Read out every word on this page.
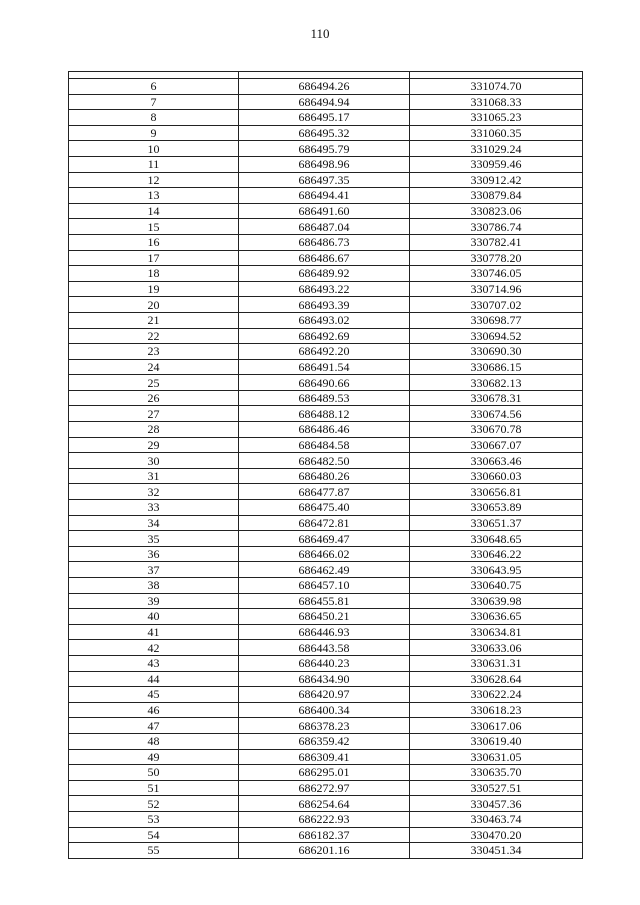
110

6	686494.26	331074.70
7	686494.94	331068.33
8	686495.17	331065.23
9	686495.32	331060.35
10	686495.79	331029.24
11	686498.96	330959.46
12	686497.35	330912.42
13	686494.41	330879.84
14	686491.60	330823.06
15	686487.04	330786.74
16	686486.73	330782.41
17	686486.67	330778.20
18	686489.92	330746.05
19	686493.22	330714.96
20	686493.39	330707.02
21	686493.02	330698.77
22	686492.69	330694.52
23	686492.20	330690.30
24	686491.54	330686.15
25	686490.66	330682.13
26	686489.53	330678.31
27	686488.12	330674.56
28	686486.46	330670.78
29	686484.58	330667.07
30	686482.50	330663.46
31	686480.26	330660.03
32	686477.87	330656.81
33	686475.40	330653.89
34	686472.81	330651.37
35	686469.47	330648.65
36	686466.02	330646.22
37	686462.49	330643.95
38	686457.10	330640.75
39	686455.81	330639.98
40	686450.21	330636.65
41	686446.93	330634.81
42	686443.58	330633.06
43	686440.23	330631.31
44	686434.90	330628.64
45	686420.97	330622.24
46	686400.34	330618.23
47	686378.23	330617.06
48	686359.42	330619.40
49	686309.41	330631.05
50	686295.01	330635.70
51	686272.97	330527.51
52	686254.64	330457.36
53	686222.93	330463.74
54	686182.37	330470.20
55	686201.16	330451.34
